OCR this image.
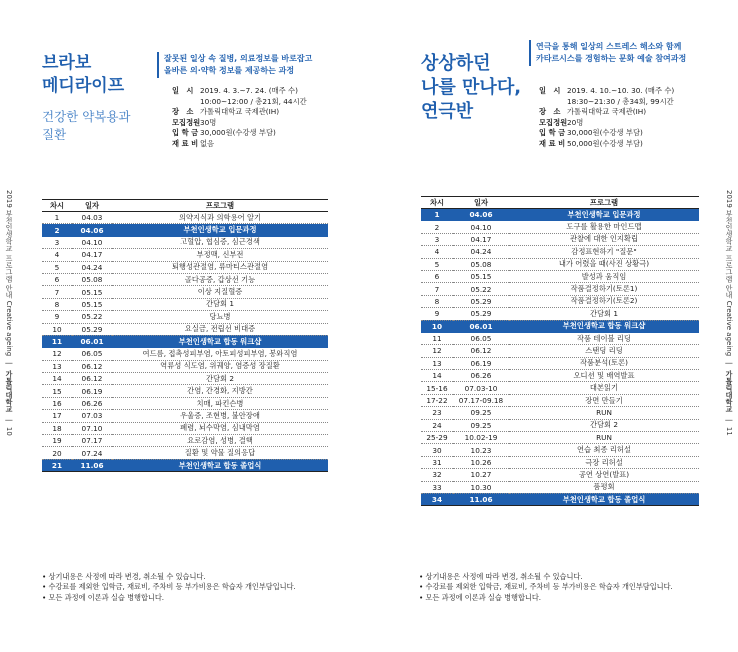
브라보
메디라이프
건강한 약복용과
질환
잘못된 일상 속 질병, 의료정보를 바로잡고
올바른 의·약학 정보를 제공하는 과정
일　시 2019. 4. 3.~7. 24. (매주 수)
10:00~12:00 / 총21회, 44시간
장　소 가톨릭대학교 국제관(IH)
모집정원 30명
입 학 금 30,000원(수강생 부담)
재 료 비 없음
차시	일자	프로그램
1	04.03	의약지식과 의학용어 알기
2	04.06	부천인생학교 입문과정
3	04.10	고혈압, 협심증, 심근경색
4	04.17	부정맥, 신부전
5	04.24	퇴행성관절염, 류마티스관절염
6	05.08	골다공증, 갑상선 기능
7	05.15	이상 지질혈증
8	05.15	간담회 1
9	05.22	당뇨병
10	05.29	요실금, 전립선 비대증
11	06.01	부천인생학교 합동 워크샵
12	06.05	여드름, 접촉성피부염, 아토피성피부염, 봉와직염
13	06.12	역류성 식도염, 위궤양, 염증성 장질환
14	06.12	간담회 2
15	06.19	간염, 간경화, 지방간
16	06.26	치매, 파킨슨병
17	07.03	우울증, 조현병, 불안장애
18	07.10	폐렴, 뇌수막염, 심내막염
19	07.17	요로감염, 성병, 결핵
20	07.24	질환 및 약물 질의응답
21	11.06	부천인생학교 합동 졸업식
• 상기내용은 사정에 따라 변경, 취소될 수 있습니다.
• 수강료를 제외한 입학금, 재료비, 주차비 등 부가비용은 학습자 개인부담입니다.
• 모든 과정에 이론과 실습 병행합니다.
2019 부천인생학교 프로그램 안내 Creative ageing|가톨릭대학교|10
상상하던
나를 만나다,
연극반
연극을 통해 일상의 스트레스 해소와 함께
카타르시스를 경험하는 문화 예술 참여과정
일　시 2019. 4. 10.~10. 30. (매주 수)
18:30~21:30 / 총34회, 99시간
장　소 가톨릭대학교 국제관(IH)
모집정원 20명
입 학 금 30,000원(수강생 부담)
재 료 비 50,000원(수강생 부담)
차시	일자	프로그램
1	04.06	부천인생학교 입문과정
2	04.10	도구를 활용한 마인드맵
3	04.17	관찰에 대한 인지확립
4	04.24	감정표현하기 "질문"
5	05.08	내가 어렸을 때(사진 상황극)
6	05.15	발성과 움직임
7	05.22	작품결정하기(토론1)
8	05.29	작품결정하기(토론2)
9	05.29	간담회 1
10	06.01	부천인생학교 합동 워크샵
11	06.05	작품 테이블 리딩
12	06.12	스탠딩 리딩
13	06.19	작품분석(토론)
14	06.26	오디션 및 배역발표
15-16	07.03-10	대본읽기
17-22	07.17-09.18	장면 만들기
23	09.25	RUN
24	09.25	간담회 2
25-29	10.02-19	RUN
30	10.23	연습 최종 리허설
31	10.26	극장 리허설
32	10.27	공연 상연(발표)
33	10.30	품평회
34	11.06	부천인생학교 합동 졸업식
• 상기내용은 사정에 따라 변경, 취소될 수 있습니다.
• 수강료를 제외한 입학금, 재료비, 주차비 등 부가비용은 학습자 개인부담입니다.
• 모든 과정에 이론과 실습 병행합니다.
2019 부천인생학교 프로그램 안내 Creative ageing|가톨릭대학교|11
